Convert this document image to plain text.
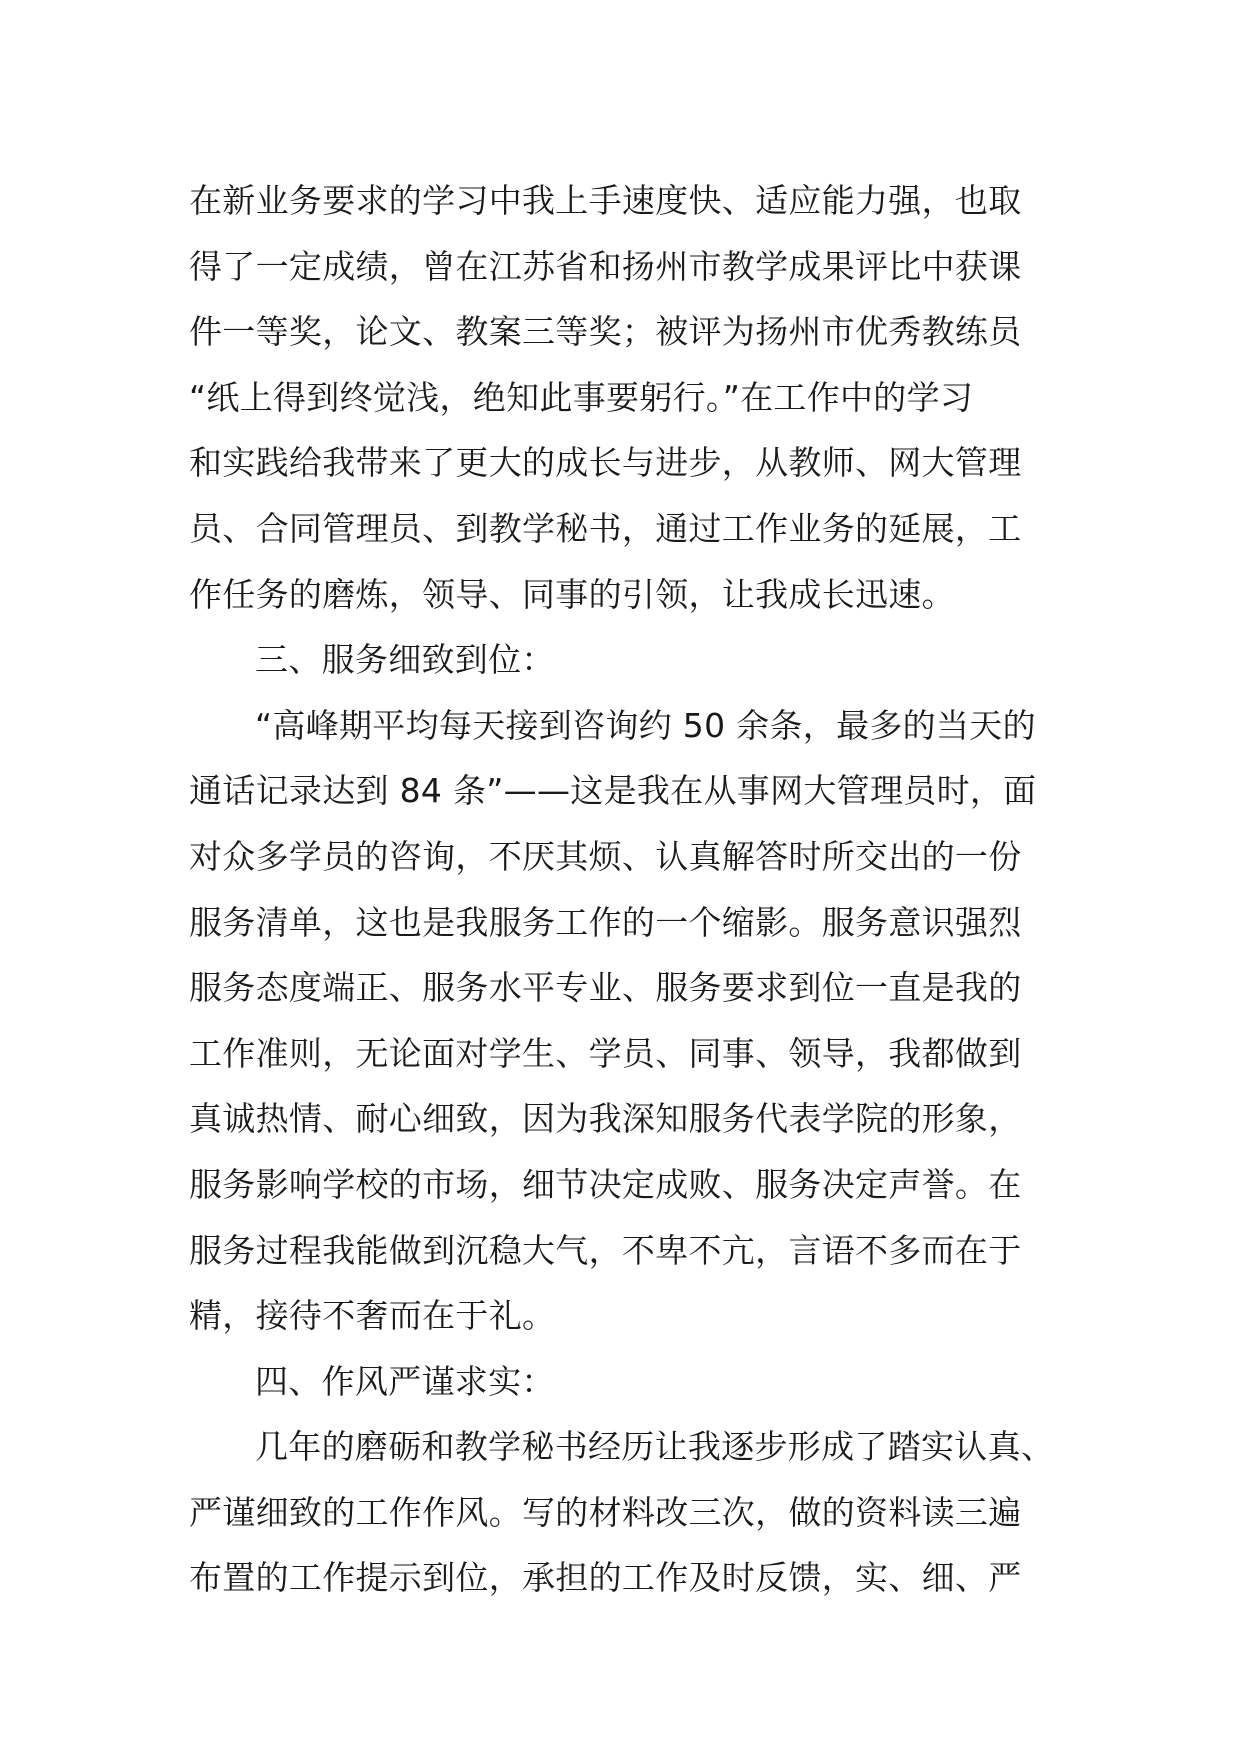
在新业务要求的学习中我上手速度快、适应能力强，也取
得了一定成绩，曾在江苏省和扬州市教学成果评比中获课
件一等奖，论文、教案三等奖；被评为扬州市优秀教练员
“纸上得到终觉浅，绝知此事要躬行。”在工作中的学习
和实践给我带来了更大的成长与进步，从教师、网大管理
员、合同管理员、到教学秘书，通过工作业务的延展，工
作任务的磨炼，领导、同事的引领，让我成长迅速。
三、服务细致到位：
“高峰期平均每天接到咨询约 50 余条，最多的当天的
通话记录达到 84 条”——这是我在从事网大管理员时，面
对众多学员的咨询，不厌其烦、认真解答时所交出的一份
服务清单，这也是我服务工作的一个缩影。服务意识强烈
服务态度端正、服务水平专业、服务要求到位一直是我的
工作准则，无论面对学生、学员、同事、领导，我都做到
真诚热情、耐心细致，因为我深知服务代表学院的形象，
服务影响学校的市场，细节决定成败、服务决定声誉。在
服务过程我能做到沉稳大气，不卑不亢，言语不多而在于
精，接待不奢而在于礼。
四、作风严谨求实：
几年的磨砺和教学秘书经历让我逐步形成了踏实认真、
严谨细致的工作作风。写的材料改三次，做的资料读三遍
布置的工作提示到位，承担的工作及时反馈，实、细、严
